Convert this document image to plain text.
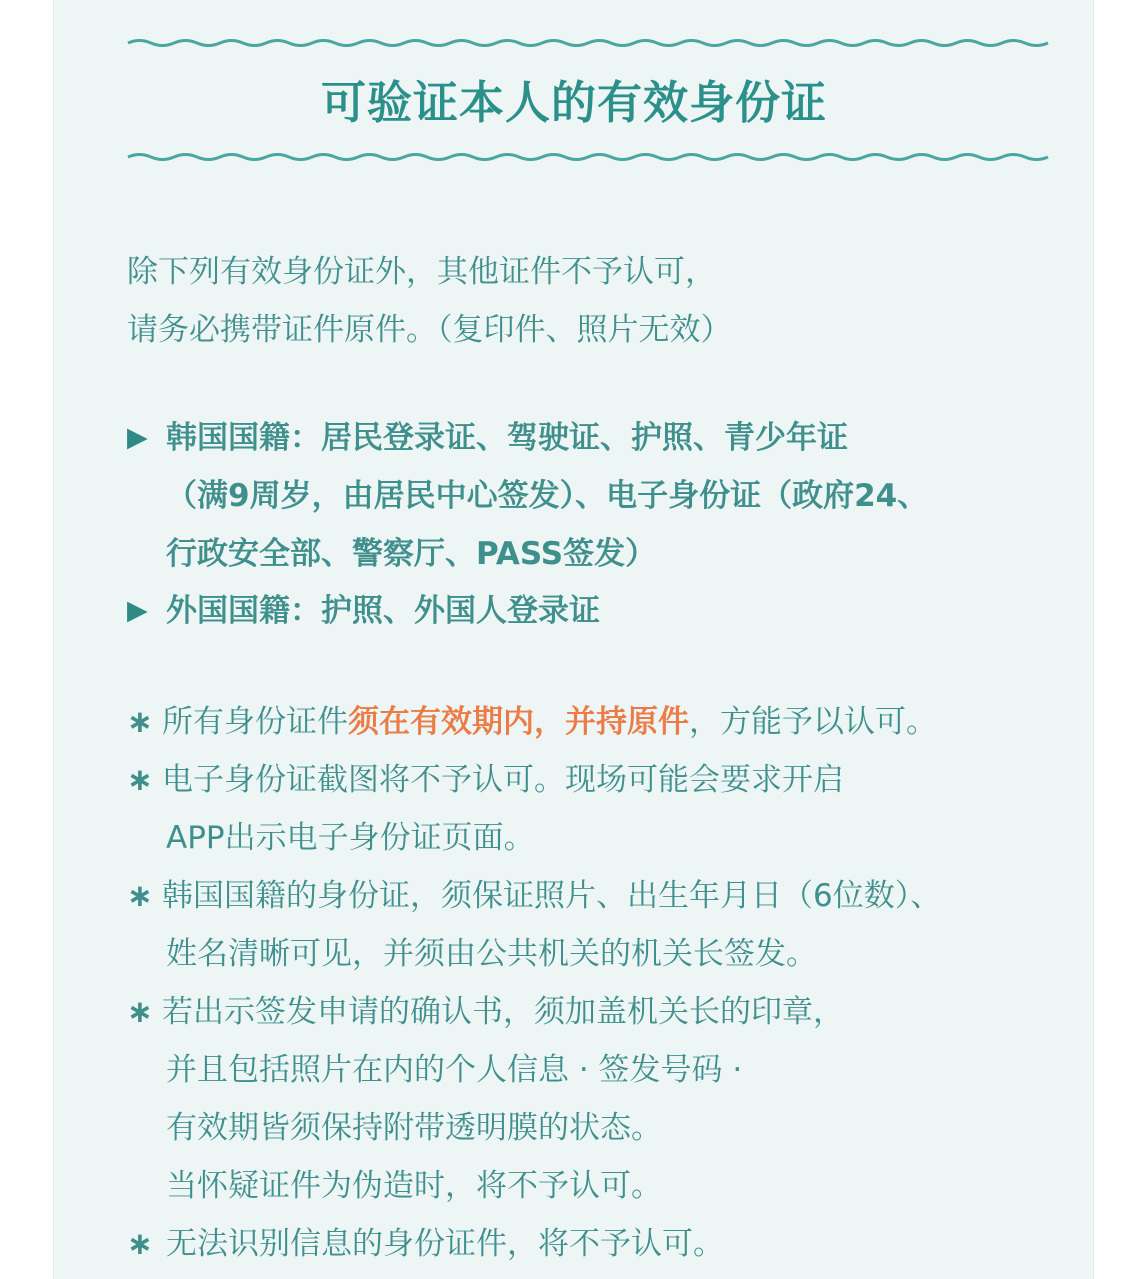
可验证本人的有效身份证
除下列有效身份证外，其他证件不予认可，
请务必携带证件原件。（复印件、照片无效）
▶ 韩国国籍：居民登录证、驾驶证、护照、青少年证
（满9周岁，由居民中心签发）、电子身份证（政府24、
行政安全部、警察厅、PASS签发）
▶ 外国国籍：护照、外国人登录证
∗ 所有身份证件须在有效期内，并持原件，方能予以认可。
∗ 电子身份证截图将不予认可。现场可能会要求开启
APP出示电子身份证页面。
∗ 韩国国籍的身份证，须保证照片、出生年月日（6位数）、
姓名清晰可见，并须由公共机关的机关长签发。
∗ 若出示签发申请的确认书，须加盖机关长的印章，
并且包括照片在内的个人信息 · 签发号码 ·
有效期皆须保持附带透明膜的状态。
当怀疑证件为伪造时，将不予认可。
∗ 无法识别信息的身份证件，将不予认可。
